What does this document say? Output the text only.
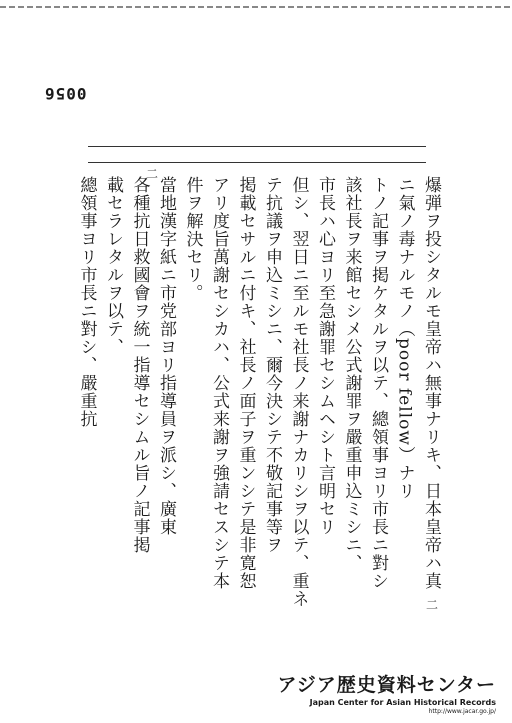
0056
二
二
爆弾ヲ投シタルモ皇帝ハ無事ナリキ、日本皇帝ハ真
ニ氣ノ毒ナルモノ（poor fellow）ナリ
トノ記事ヲ掲ケタルヲ以テ、總領事ヨリ市長ニ對シ
該社長ヲ来館セシメ公式謝罪ヲ嚴重申込ミシニ、
市長ハ心ヨリ至急謝罪セシムヘシト言明セリ
但シ、翌日ニ至ルモ社長ノ来謝ナカリシヲ以テ、重ネ
テ抗議ヲ申込ミシニ、爾今決シテ不敬記事等ヲ
掲載セサルニ付キ、社長ノ面子ヲ重ンシテ是非寛恕
アリ度旨萬謝セシカハ、公式来謝ヲ強請セスシテ本
件ヲ解決セリ。
當地漢字紙ニ市党部ヨリ指導員ヲ派シ、廣東
各種抗日救國會ヲ統一指導セシムル旨ノ記事掲
載セラレタルヲ以テ、
總領事ヨリ市長ニ對シ、嚴重抗
アジア歴史資料センター
Japan Center for Asian Historical Records
http://www.jacar.go.jp/
